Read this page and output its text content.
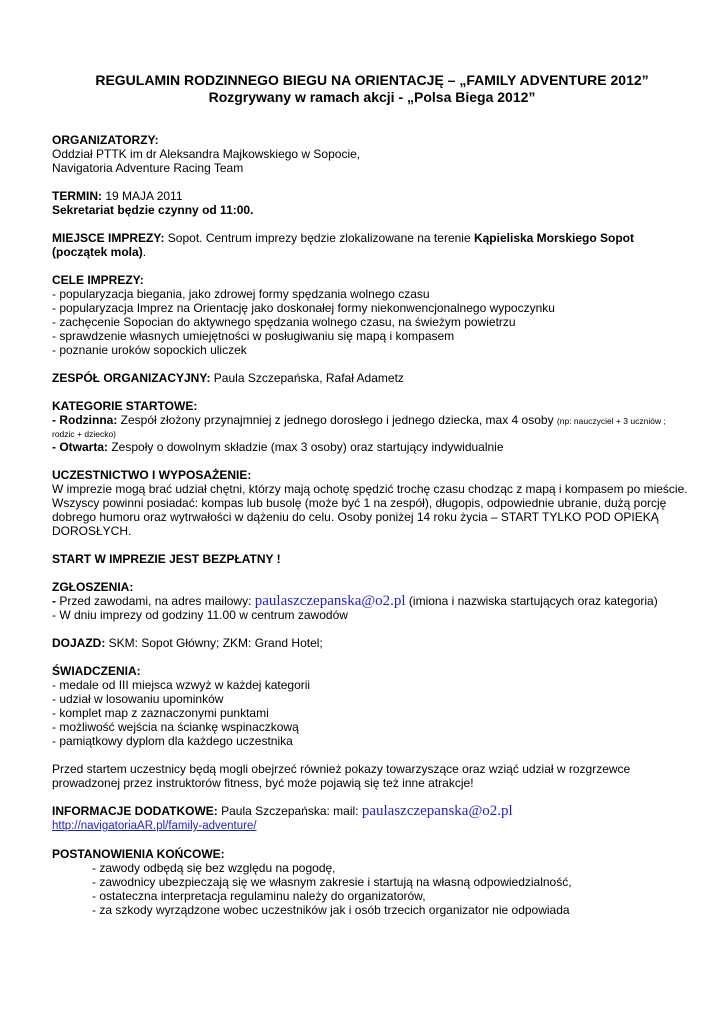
REGULAMIN RODZINNEGO BIEGU NA ORIENTACJĘ – „FAMILY ADVENTURE 2012”
Rozgrywany w ramach akcji - „Polsa Biega 2012”
ORGANIZATORZY:
Oddział PTTK im dr Aleksandra Majkowskiego w Sopocie,
Navigatoria Adventure Racing Team
TERMIN: 19 MAJA 2011
Sekretariat będzie czynny od 11:00.
MIEJSCE IMPREZY: Sopot. Centrum imprezy będzie zlokalizowane na terenie Kąpieliska Morskiego Sopot
(początek mola).
CELE IMPREZY:
- popularyzacja biegania, jako zdrowej formy spędzania wolnego czasu
- popularyzacja Imprez na Orientację jako doskonałej formy niekonwencjonalnego wypoczynku
- zachęcenie Sopocian do aktywnego spędzania wolnego czasu, na świeżym powietrzu
- sprawdzenie własnych umiejętności w posługiwaniu się mapą i kompasem
- poznanie uroków sopockich uliczek
ZESPÓŁ ORGANIZACYJNY: Paula Szczepańska, Rafał Adametz
KATEGORIE STARTOWE:
- Rodzinna: Zespół złożony przynajmniej z jednego dorosłego i jednego dziecka, max 4 osoby (np: nauczyciel + 3 uczniów ;
rodzic + dziecko)
- Otwarta: Zespoły o dowolnym składzie (max 3 osoby) oraz startujący indywidualnie
UCZESTNICTWO I WYPOSAŻENIE:
W imprezie mogą brać udział chętni, którzy mają ochotę spędzić trochę czasu chodząc z mapą i kompasem po mieście.
Wszyscy powinni posiadać: kompas lub busolę (może być 1 na zespół), długopis, odpowiednie ubranie, dużą porcję
dobrego humoru oraz wytrwałości w dążeniu do celu. Osoby poniżej 14 roku życia – START TYLKO POD OPIEKĄ
DOROSŁYCH.
START W IMPREZIE JEST BEZPŁATNY !
ZGŁOSZENIA:
- Przed zawodami, na adres mailowy: paulaszczepanska@o2.pl (imiona i nazwiska startujących oraz kategoria)
- W dniu imprezy od godziny 11.00 w centrum zawodów
DOJAZD: SKM: Sopot Główny; ZKM: Grand Hotel;
ŚWIADCZENIA:
- medale od III miejsca wzwyż w każdej kategorii
- udział w losowaniu upominków
- komplet map z zaznaczonymi punktami
- możliwość wejścia na ściankę wspinaczkową
- pamiątkowy dyplom dla każdego uczestnika
Przed startem uczestnicy będą mogli obejrzeć również pokazy towarzyszące oraz wziąć udział w rozgrzewce
prowadzonej przez instruktorów fitness, być może pojawią się też inne atrakcje!
INFORMACJE DODATKOWE: Paula Szczepańska: mail: paulaszczepanska@o2.pl
http://navigatoriaAR.pl/family-adventure/
POSTANOWIENIA KOŃCOWE:
- zawody odbędą się bez względu na pogodę,
- zawodnicy ubezpieczają się we własnym zakresie i startują na własną odpowiedzialność,
- ostateczna interpretacja regulaminu należy do organizatorów,
- za szkody wyrządzone wobec uczestników jak i osób trzecich organizator nie odpowiada
